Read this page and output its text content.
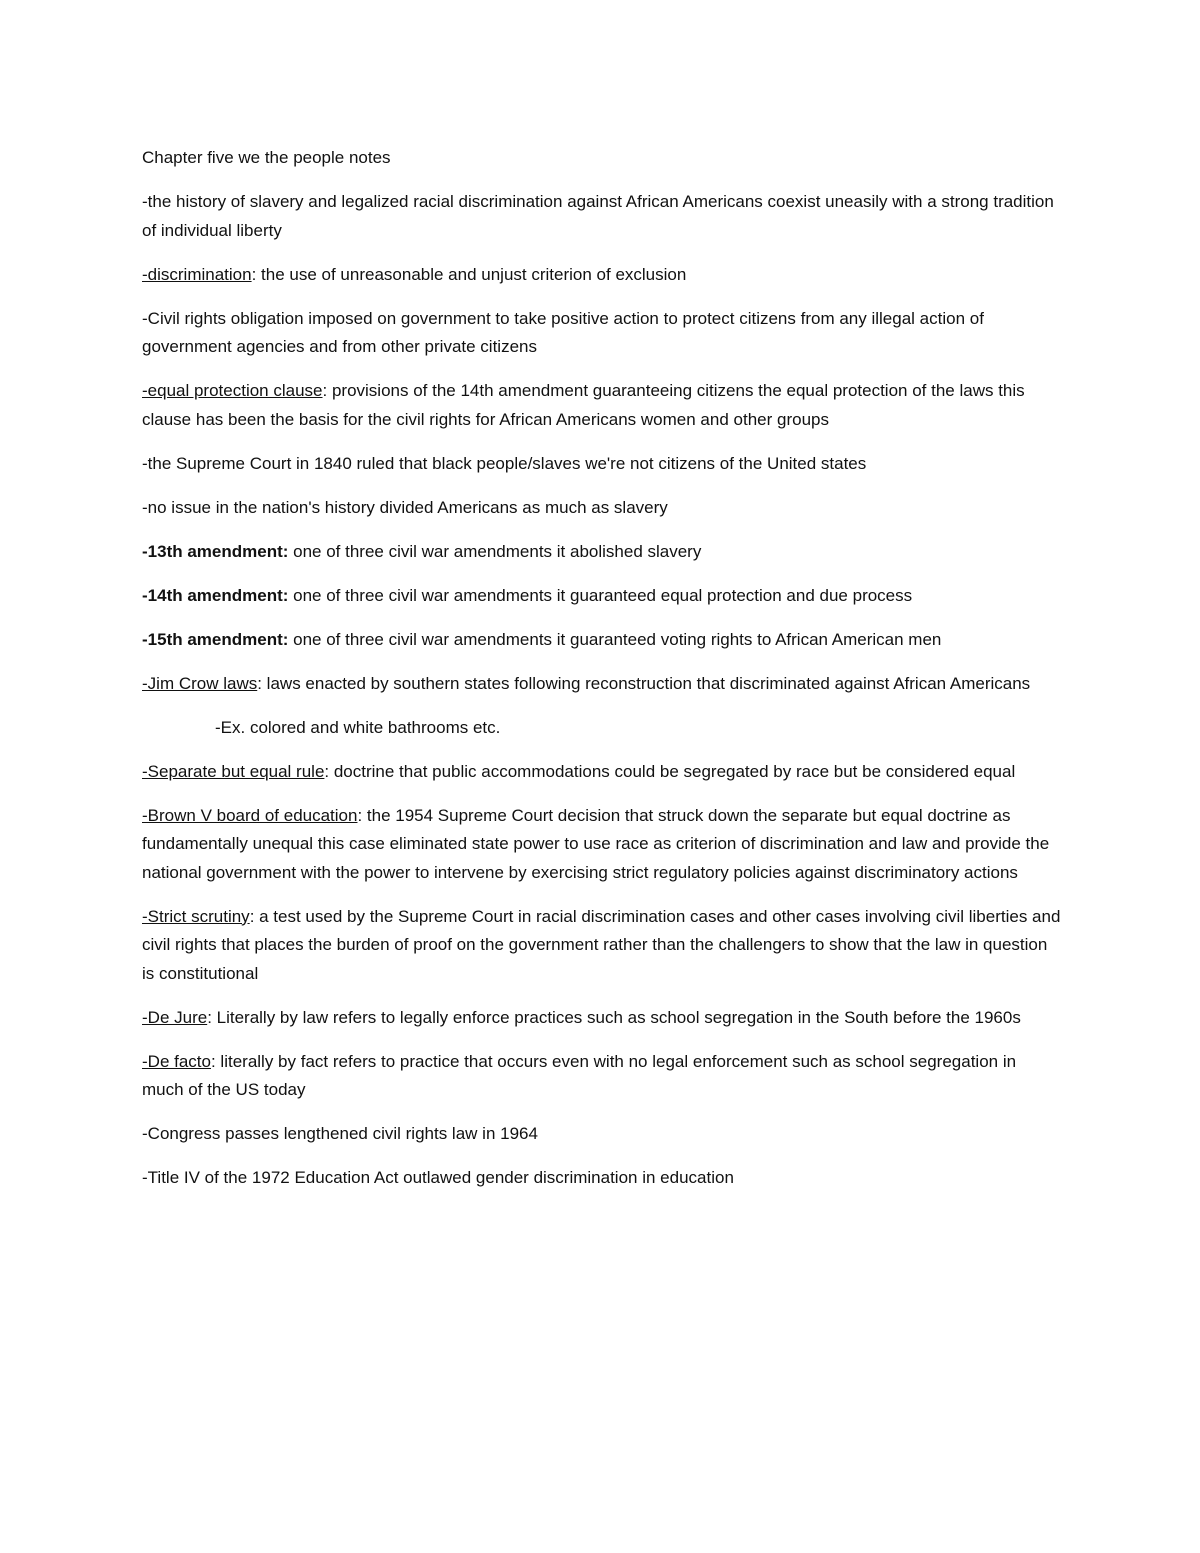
Chapter five we the people notes

-the history of slavery and legalized racial discrimination against African Americans coexist uneasily with a strong tradition of individual liberty

-discrimination: the use of unreasonable and unjust criterion of exclusion

-Civil rights obligation imposed on government to take positive action to protect citizens from any illegal action of government agencies and from other private citizens

-equal protection clause: provisions of the 14th amendment guaranteeing citizens the equal protection of the laws this clause has been the basis for the civil rights for African Americans women and other groups

-the Supreme Court in 1840 ruled that black people/slaves we're not citizens of the United states

-no issue in the nation's history divided Americans as much as slavery

-13th amendment: one of three civil war amendments it abolished slavery

-14th amendment: one of three civil war amendments it guaranteed equal protection and due process

-15th amendment: one of three civil war amendments it guaranteed voting rights to African American men

-Jim Crow laws: laws enacted by southern states following reconstruction that discriminated against African Americans

-Ex. colored and white bathrooms etc.

-Separate but equal rule: doctrine that public accommodations could be segregated by race but be considered equal

-Brown V board of education: the 1954 Supreme Court decision that struck down the separate but equal doctrine as fundamentally unequal this case eliminated state power to use race as criterion of discrimination and law and provide the national government with the power to intervene by exercising strict regulatory policies against discriminatory actions

-Strict scrutiny: a test used by the Supreme Court in racial discrimination cases and other cases involving civil liberties and civil rights that places the burden of proof on the government rather than the challengers to show that the law in question is constitutional

-De Jure: Literally by law refers to legally enforce practices such as school segregation in the South before the 1960s

-De facto: literally by fact refers to practice that occurs even with no legal enforcement such as school segregation in much of the US today

-Congress passes lengthened civil rights law in 1964

-Title IV of the 1972 Education Act outlawed gender discrimination in education
